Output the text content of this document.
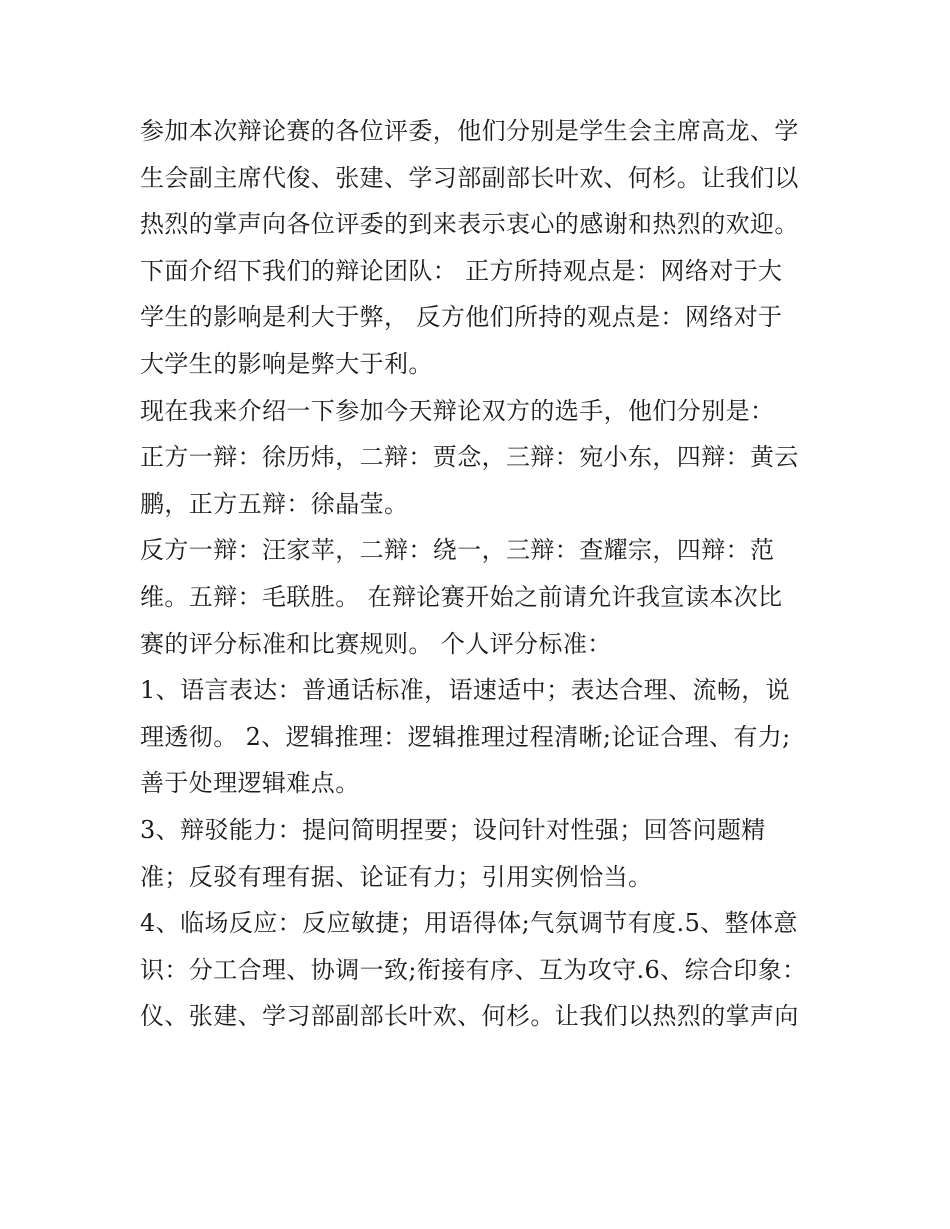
参加本次辩论赛的各位评委，他们分别是学生会主席高龙、学
生会副主席代俊、张建、学习部副部长叶欢、何杉。让我们以
热烈的掌声向各位评委的到来表示衷心的感谢和热烈的欢迎。
下面介绍下我们的辩论团队： 正方所持观点是：网络对于大
学生的影响是利大于弊， 反方他们所持的观点是：网络对于
大学生的影响是弊大于利。
现在我来介绍一下参加今天辩论双方的选手，他们分别是：
正方一辩：徐历炜，二辩：贾念，三辩：宛小东，四辩：黄云
鹏，正方五辩：徐晶莹。
反方一辩：汪家苹，二辩：绕一，三辩：查耀宗，四辩：范
维。五辩：毛联胜。 在辩论赛开始之前请允许我宣读本次比
赛的评分标准和比赛规则。 个人评分标准：
1、语言表达：普通话标准，语速适中；表达合理、流畅，说
理透彻。 2、逻辑推理：逻辑推理过程清晰;论证合理、有力;
善于处理逻辑难点。
3、辩驳能力：提问简明捏要；设问针对性强；回答问题精
准；反驳有理有据、论证有力；引用实例恰当。
4、临场反应：反应敏捷；用语得体;气氛调节有度.5、整体意
识：分工合理、协调一致;衔接有序、互为攻守.6、综合印象：
仪、张建、学习部副部长叶欢、何杉。让我们以热烈的掌声向
